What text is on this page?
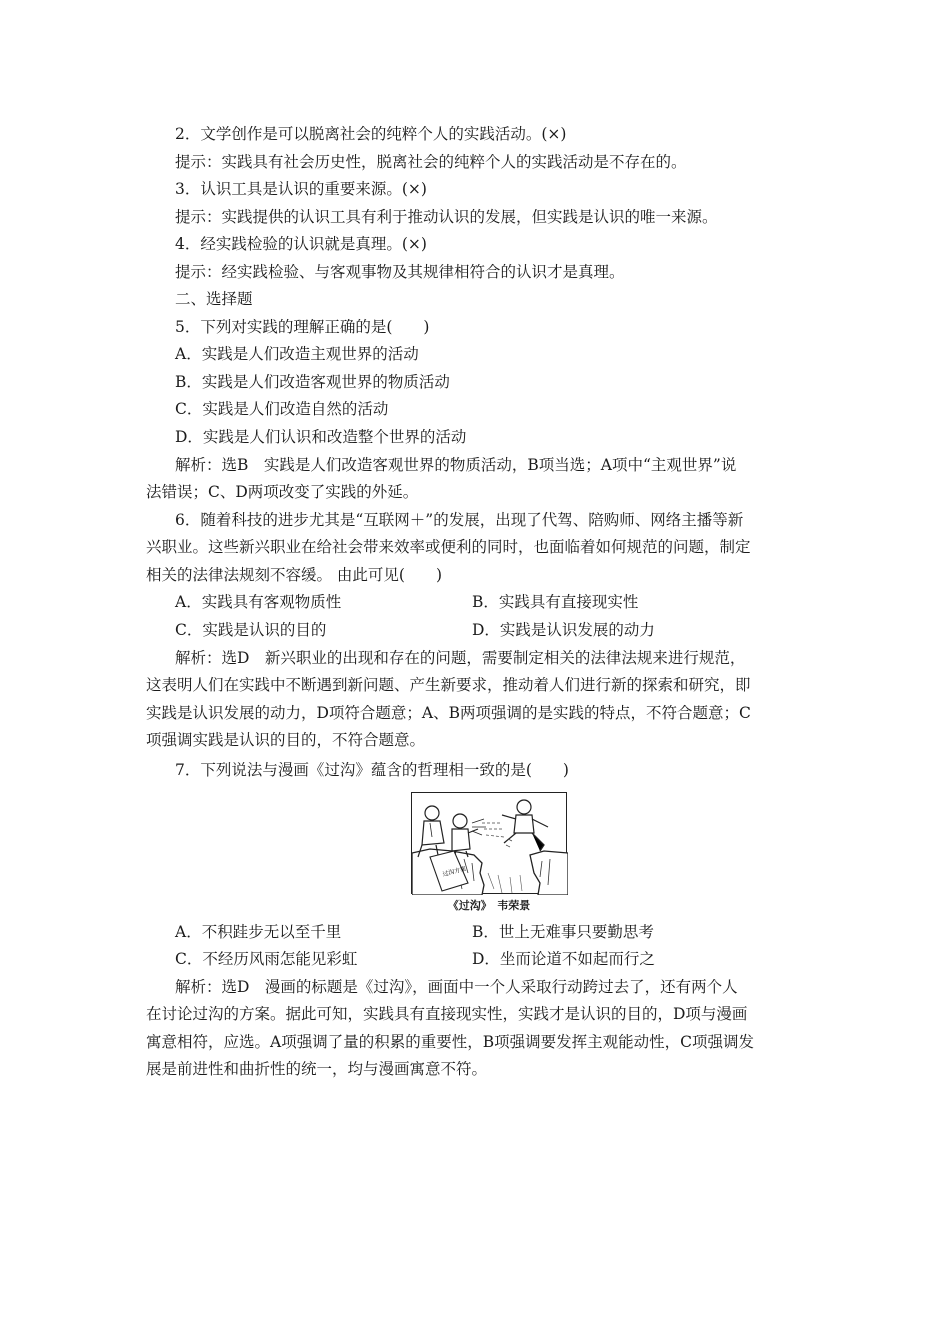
2．文学创作是可以脱离社会的纯粹个人的实践活动。(×)
提示：实践具有社会历史性，脱离社会的纯粹个人的实践活动是不存在的。
3．认识工具是认识的重要来源。(×)
提示：实践提供的认识工具有利于推动认识的发展，但实践是认识的唯一来源。
4．经实践检验的认识就是真理。(×)
提示：经实践检验、与客观事物及其规律相符合的认识才是真理。
二、选择题
5．下列对实践的理解正确的是(　　)
A．实践是人们改造主观世界的活动
B．实践是人们改造客观世界的物质活动
C．实践是人们改造自然的活动
D．实践是人们认识和改造整个世界的活动
解析：选B　实践是人们改造客观世界的物质活动，B项当选；A项中“主观世界”说
法错误；C、D两项改变了实践的外延。
6．随着科技的进步尤其是“互联网＋”的发展，出现了代驾、陪购师、网络主播等新
兴职业。这些新兴职业在给社会带来效率或便利的同时，也面临着如何规范的问题，制定
相关的法律法规刻不容缓。 由此可见(　　)
A．实践具有客观物质性	B．实践具有直接现实性
C．实践是认识的目的	D．实践是认识发展的动力
解析：选D　新兴职业的出现和存在的问题，需要制定相关的法律法规来进行规范，
这表明人们在实践中不断遇到新问题、产生新要求，推动着人们进行新的探索和研究，即
实践是认识发展的动力，D项符合题意；A、B两项强调的是实践的特点，不符合题意；C
项强调实践是认识的目的，不符合题意。
7．下列说法与漫画《过沟》蕴含的哲理相一致的是(　　)
过沟方案
《过沟》　韦荣景
A．不积跬步无以至千里	B．世上无难事只要勤思考
C．不经历风雨怎能见彩虹	D．坐而论道不如起而行之
解析：选D　漫画的标题是《过沟》，画面中一个人采取行动跨过去了，还有两个人
在讨论过沟的方案。据此可知，实践具有直接现实性，实践才是认识的目的，D项与漫画
寓意相符，应选。A项强调了量的积累的重要性，B项强调要发挥主观能动性，C项强调发
展是前进性和曲折性的统一，均与漫画寓意不符。
